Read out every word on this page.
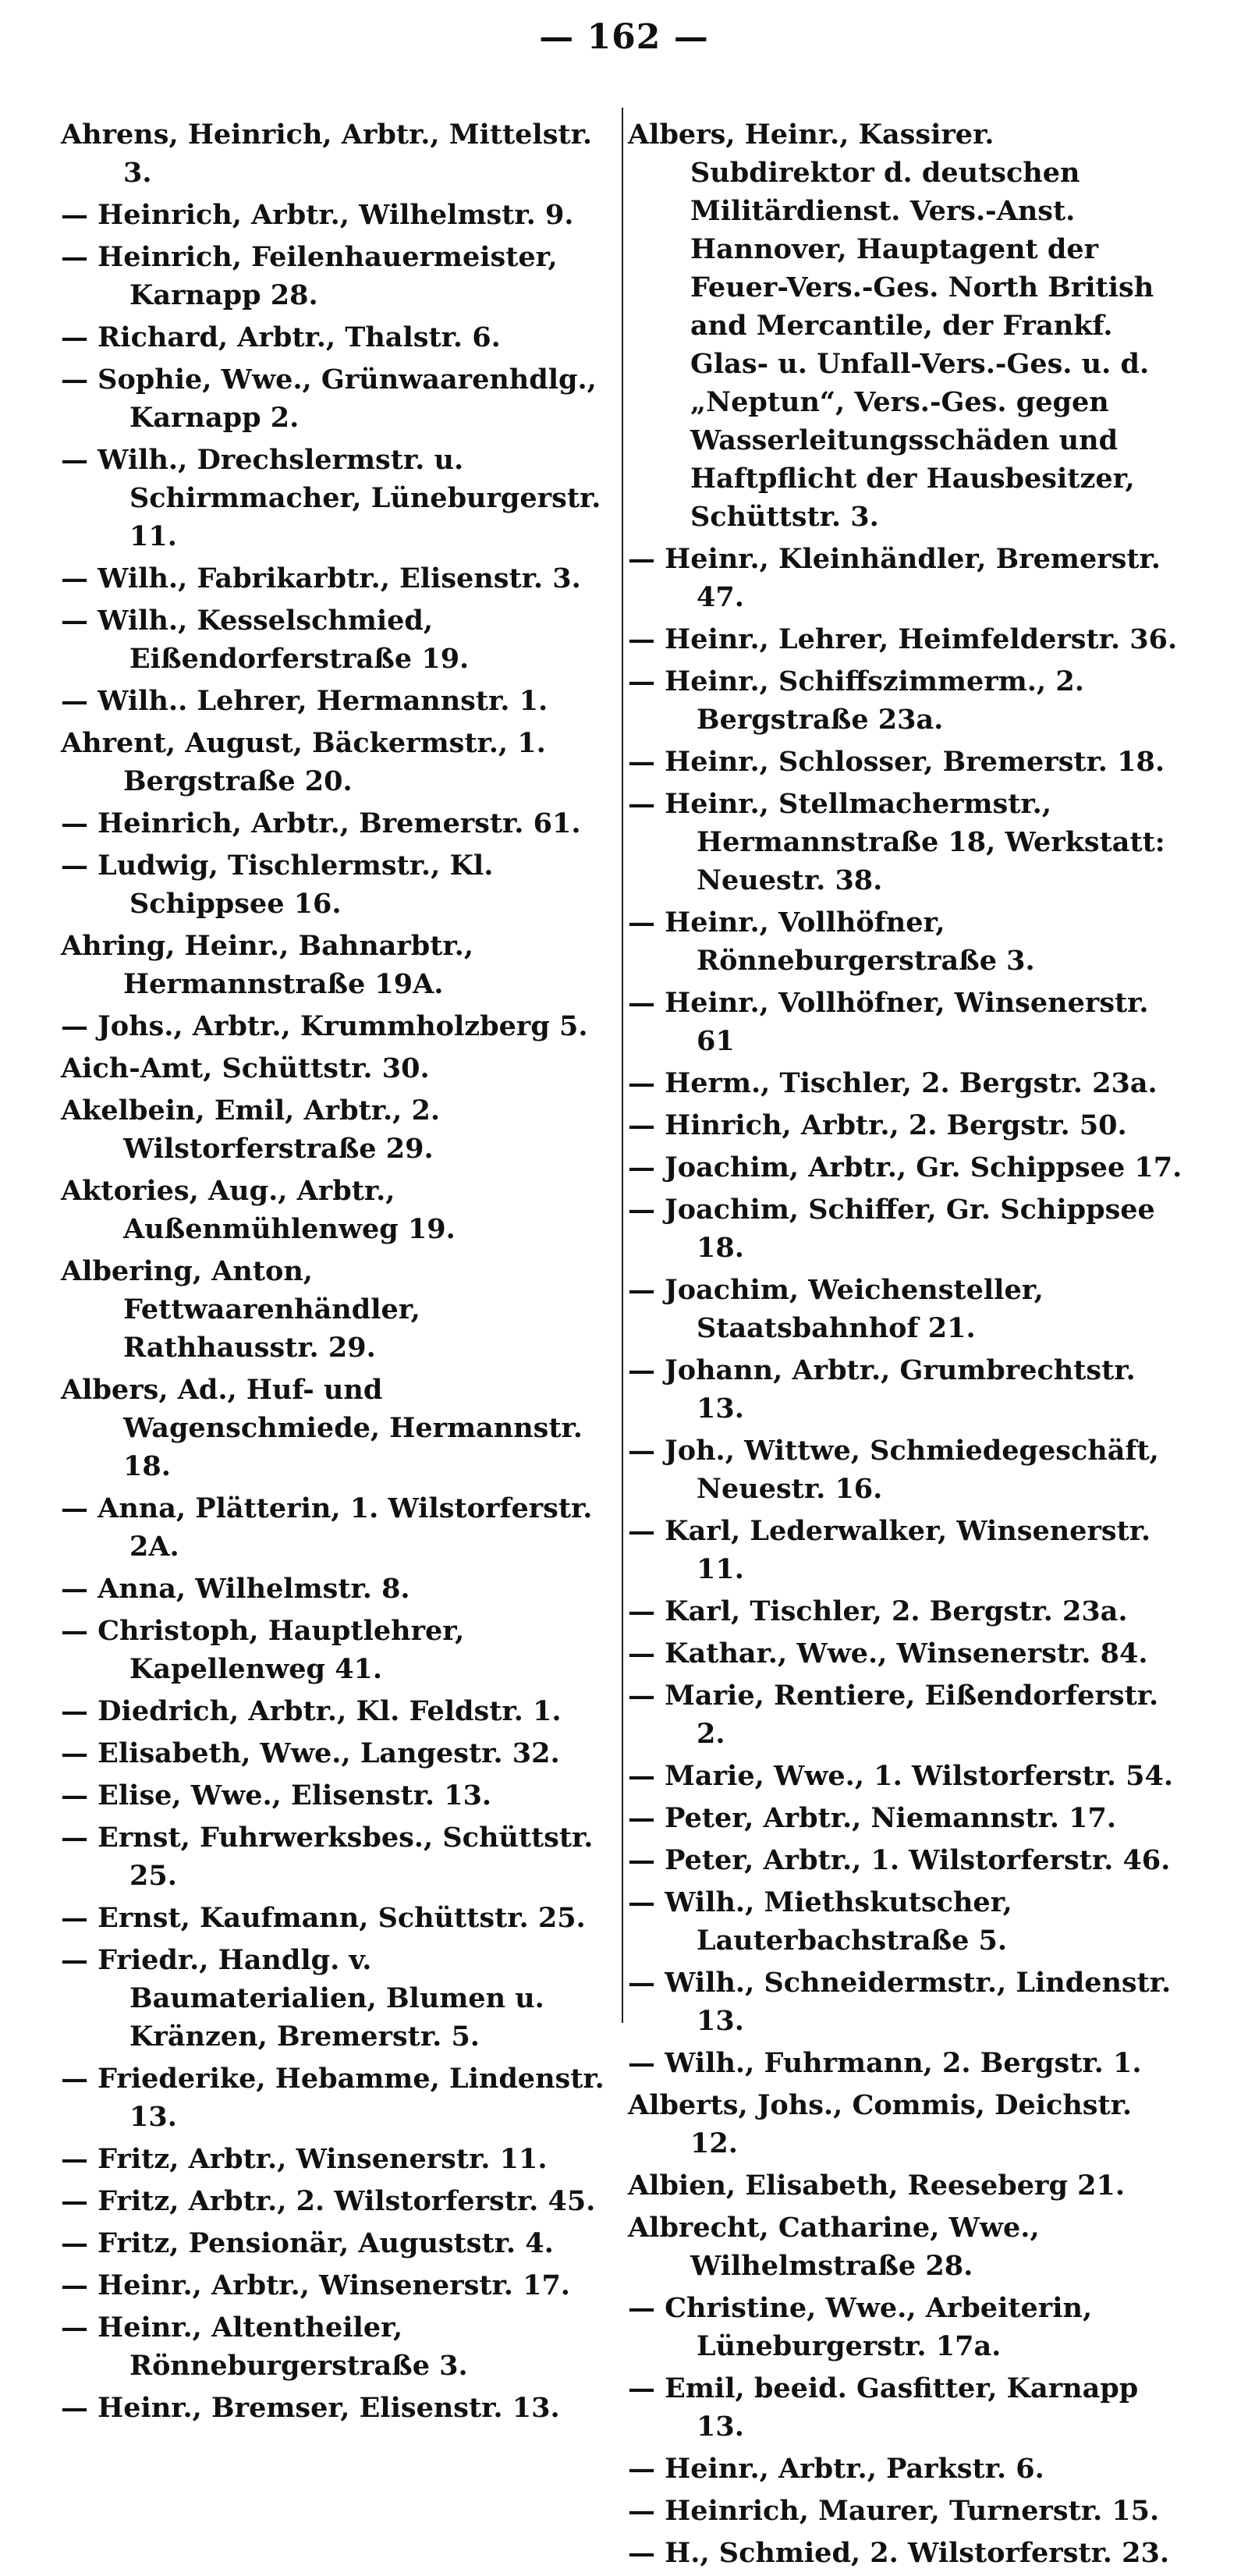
— 162 —
Ahrens, Heinrich, Arbtr., Mittelstr. 3.
— Heinrich, Arbtr., Wilhelmstr. 9.
— Heinrich, Feilenhauermeister, Karnapp 28.
— Richard, Arbtr., Thalstr. 6.
— Sophie, Wwe., Grünwaarenhdlg., Karnapp 2.
— Wilh., Drechslermstr. u. Schirmmacher, Lüneburgerstr. 11.
— Wilh., Fabrikarbtr., Elisenstr. 3.
— Wilh., Kesselschmied, Eißendorferstraße 19.
— Wilh.. Lehrer, Hermannstr. 1.
Ahrent, August, Bäckermstr., 1. Bergstraße 20.
— Heinrich, Arbtr., Bremerstr. 61.
— Ludwig, Tischlermstr., Kl. Schippsee 16.
Ahring, Heinr., Bahnarbtr., Hermannstraße 19A.
— Johs., Arbtr., Krummholzberg 5.
Aich-Amt, Schüttstr. 30.
Akelbein, Emil, Arbtr., 2. Wilstorferstraße 29.
Aktories, Aug., Arbtr., Außenmühlenweg 19.
Albering, Anton, Fettwaarenhändler, Rathhausstr. 29.
Albers, Ad., Huf- und Wagenschmiede, Hermannstr. 18.
— Anna, Plätterin, 1. Wilstorferstr. 2A.
— Anna, Wilhelmstr. 8.
— Christoph, Hauptlehrer, Kapellenweg 41.
— Diedrich, Arbtr., Kl. Feldstr. 1.
— Elisabeth, Wwe., Langestr. 32.
— Elise, Wwe., Elisenstr. 13.
— Ernst, Fuhrwerksbes., Schüttstr. 25.
— Ernst, Kaufmann, Schüttstr. 25.
— Friedr., Handlg. v. Baumaterialien, Blumen u. Kränzen, Bremerstr. 5.
— Friederike, Hebamme, Lindenstr. 13.
— Fritz, Arbtr., Winsenerstr. 11.
— Fritz, Arbtr., 2. Wilstorferstr. 45.
— Fritz, Pensionär, Auguststr. 4.
— Heinr., Arbtr., Winsenerstr. 17.
— Heinr., Altentheiler, Rönneburgerstraße 3.
— Heinr., Bremser, Elisenstr. 13.
Albers, Heinr., Kassirer. Subdirektor d. deutschen Militärdienst. Vers.-Anst. Hannover, Hauptagent der Feuer-Vers.-Ges. North British and Mercantile, der Frankf. Glas- u. Unfall-Vers.-Ges. u. d. „Neptun“, Vers.-Ges. gegen Wasserleitungsschäden und Haftpflicht der Hausbesitzer, Schüttstr. 3.
— Heinr., Kleinhändler, Bremerstr. 47.
— Heinr., Lehrer, Heimfelderstr. 36.
— Heinr., Schiffszimmerm., 2. Bergstraße 23a.
— Heinr., Schlosser, Bremerstr. 18.
— Heinr., Stellmachermstr., Hermannstraße 18, Werkstatt: Neuestr. 38.
— Heinr., Vollhöfner, Rönneburgerstraße 3.
— Heinr., Vollhöfner, Winsenerstr. 61
— Herm., Tischler, 2. Bergstr. 23a.
— Hinrich, Arbtr., 2. Bergstr. 50.
— Joachim, Arbtr., Gr. Schippsee 17.
— Joachim, Schiffer, Gr. Schippsee 18.
— Joachim, Weichensteller, Staatsbahnhof 21.
— Johann, Arbtr., Grumbrechtstr. 13.
— Joh., Wittwe, Schmiedegeschäft, Neuestr. 16.
— Karl, Lederwalker, Winsenerstr. 11.
— Karl, Tischler, 2. Bergstr. 23a.
— Kathar., Wwe., Winsenerstr. 84.
— Marie, Rentiere, Eißendorferstr. 2.
— Marie, Wwe., 1. Wilstorferstr. 54.
— Peter, Arbtr., Niemannstr. 17.
— Peter, Arbtr., 1. Wilstorferstr. 46.
— Wilh., Miethskutscher, Lauterbachstraße 5.
— Wilh., Schneidermstr., Lindenstr. 13.
— Wilh., Fuhrmann, 2. Bergstr. 1.
Alberts, Johs., Commis, Deichstr. 12.
Albien, Elisabeth, Reeseberg 21.
Albrecht, Catharine, Wwe., Wilhelmstraße 28.
— Christine, Wwe., Arbeiterin, Lüneburgerstr. 17a.
— Emil, beeid. Gasfitter, Karnapp 13.
— Heinr., Arbtr., Parkstr. 6.
— Heinrich, Maurer, Turnerstr. 15.
— H., Schmied, 2. Wilstorferstr. 23.
